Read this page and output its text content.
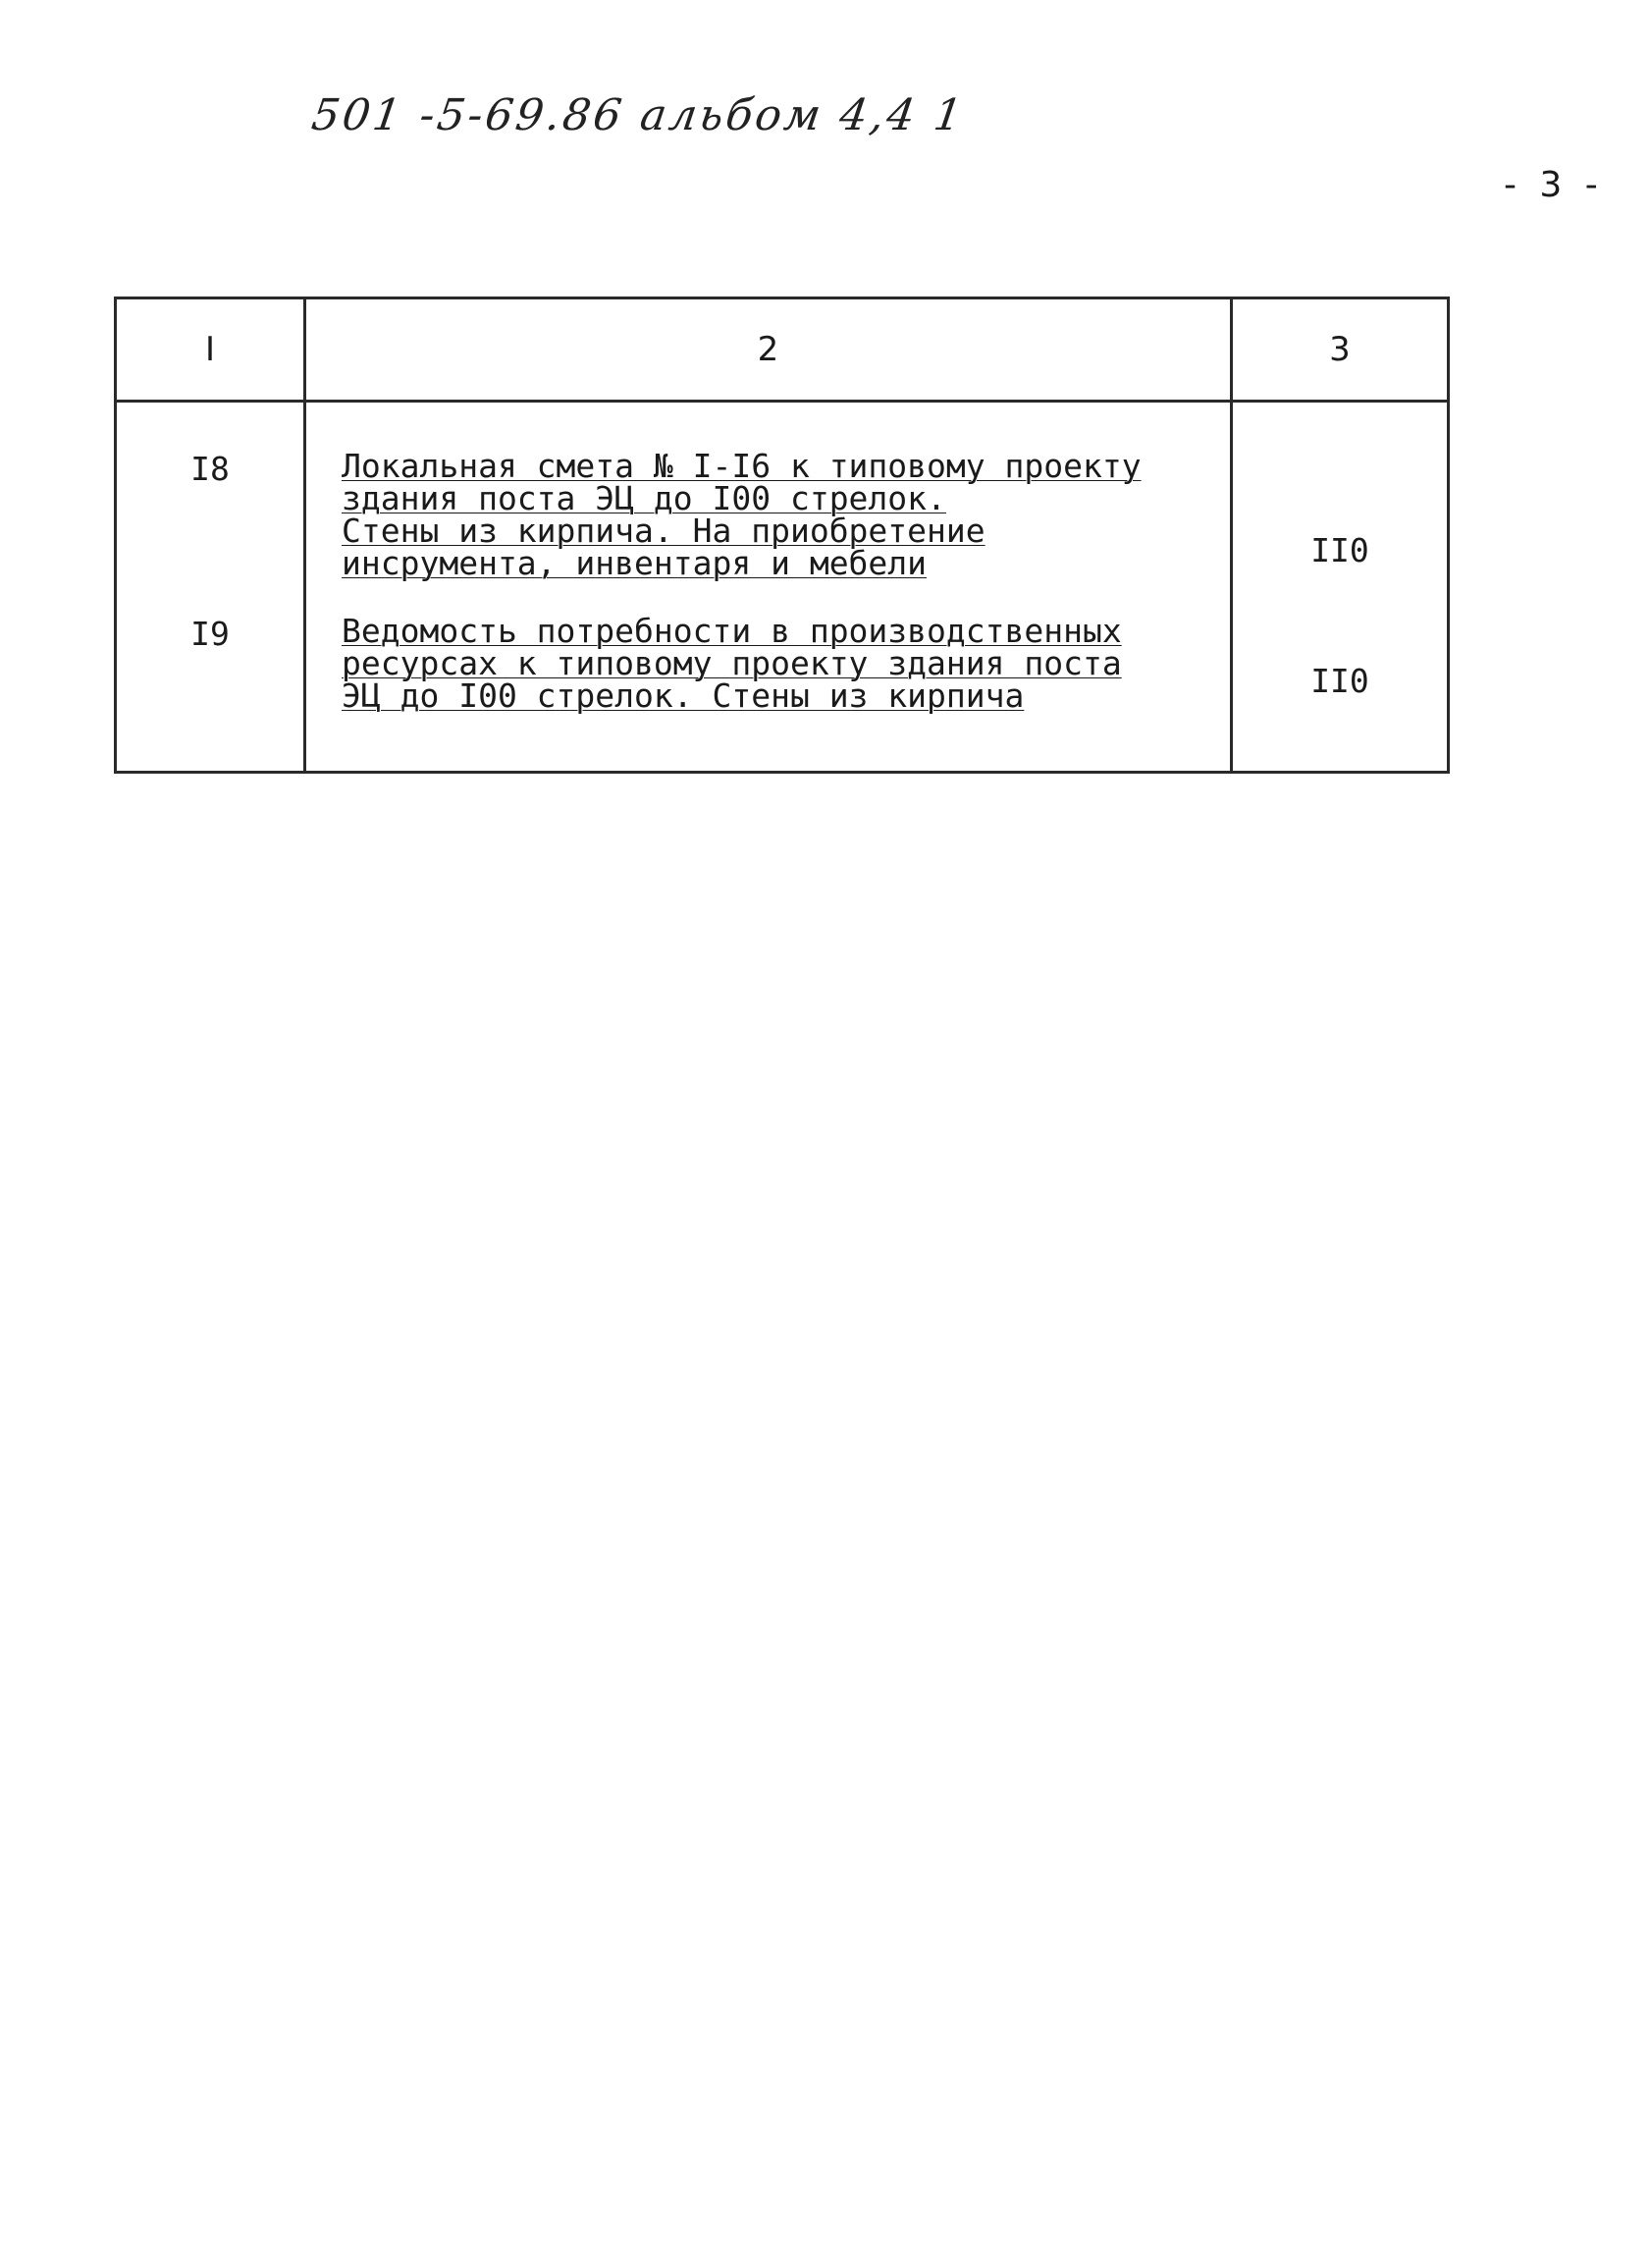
501 -5-69.86 альбом 4,4 1
- 3 -
I	2	3
I8	Локальная смета № I-I6 к типовому проекту
здания поста ЭЦ до I00 стрелок.
Стены из кирпича. На приобретение
инсрумента, инвентаря и мебели	II0
I9	Ведомость потребности в производственных
ресурсах к типовому проекту здания поста
ЭЦ до I00 стрелок. Стены из кирпича	II0
